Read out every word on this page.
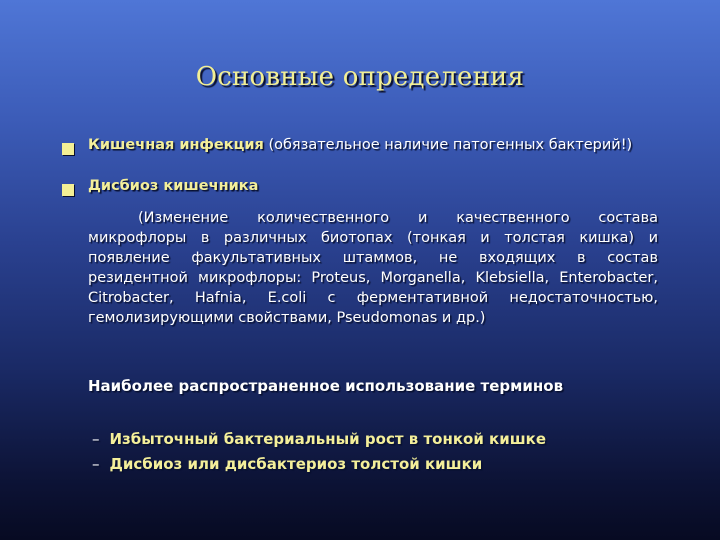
Основные определения
Кишечная инфекция (обязательное наличие патогенных бактерий!)
Дисбиоз кишечника
(Изменение количественного и качественного состава микрофлоры в различных биотопах (тонкая и толстая кишка) и появление факультативных штаммов, не входящих в состав резидентной микрофлоры: Proteus, Morganella, Klebsiella, Enterobacter, Citrobacter, Hafnia, E.coli с ферментативной недостаточностью, гемолизирующими свойствами, Pseudomonas и др.)
Наиболее распространенное использование терминов
– Избыточный бактериальный рост в тонкой кишке
– Дисбиоз или дисбактериоз толстой кишки
